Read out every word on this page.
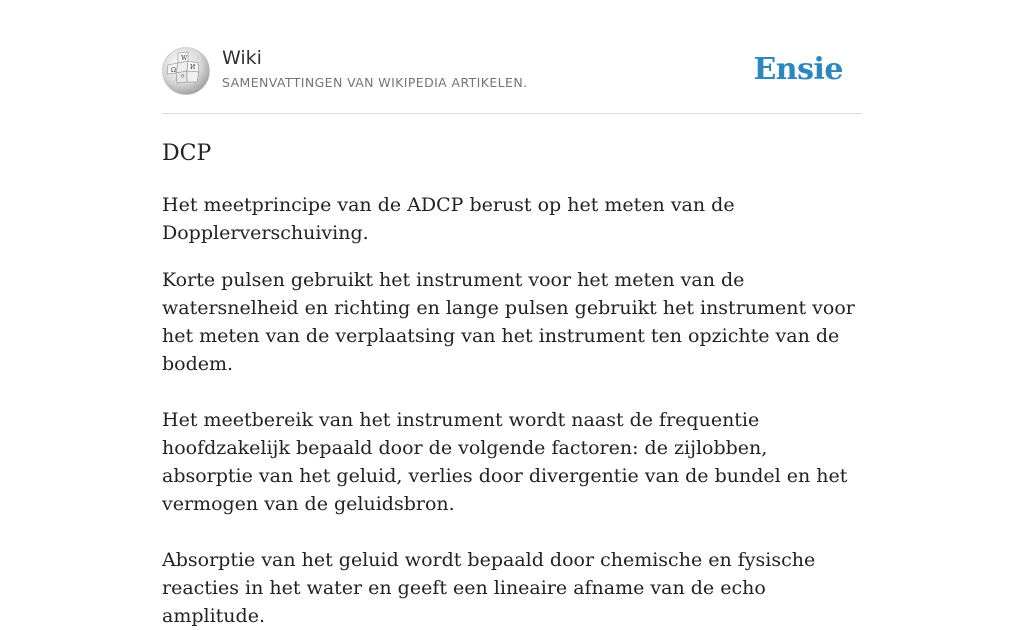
W
И
Ω
ウ
Wiki
SAMENVATTINGEN VAN WIKIPEDIA ARTIKELEN.	Ensie
DCP

Het meetprincipe van de ADCP berust op het meten van de Dopplerverschuiving.

Korte pulsen gebruikt het instrument voor het meten van de watersnelheid en richting en lange pulsen gebruikt het instrument voor het meten van de verplaatsing van het instrument ten opzichte van de bodem.

Het meetbereik van het instrument wordt naast de frequentie hoofdzakelijk bepaald door de volgende factoren: de zijlobben, absorptie van het geluid, verlies door divergentie van de bundel en het vermogen van de geluidsbron.

Absorptie van het geluid wordt bepaald door chemische en fysische reacties in het water en geeft een lineaire afname van de echo amplitude.
